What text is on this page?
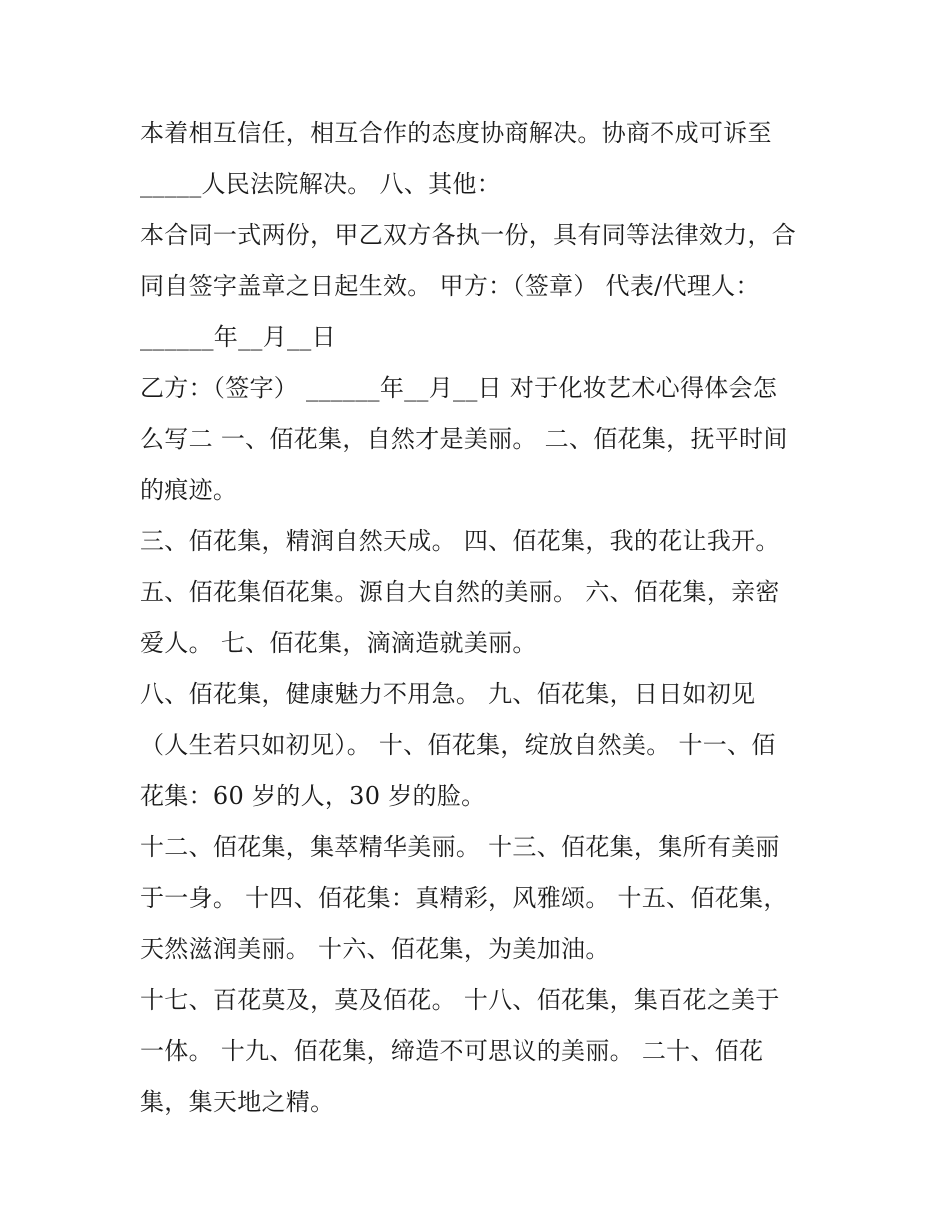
本着相互信任，相互合作的态度协商解决。协商不成可诉至
_____人民法院解决。 八、其他：
本合同一式两份，甲乙双方各执一份，具有同等法律效力，合
同自签字盖章之日起生效。 甲方：（签章） 代表/代理人：
______年__月__日
乙方：（签字） ______年__月__日 对于化妆艺术心得体会怎
么写二 一、佰花集，自然才是美丽。 二、佰花集，抚平时间
的痕迹。
三、佰花集，精润自然天成。 四、佰花集，我的花让我开。
五、佰花集佰花集。源自大自然的美丽。 六、佰花集，亲密
爱人。 七、佰花集，滴滴造就美丽。
八、佰花集，健康魅力不用急。 九、佰花集，日日如初见
（人生若只如初见）。 十、佰花集，绽放自然美。 十一、佰
花集：60 岁的人，30 岁的脸。
十二、佰花集，集萃精华美丽。 十三、佰花集，集所有美丽
于一身。 十四、佰花集：真精彩，风雅颂。 十五、佰花集，
天然滋润美丽。 十六、佰花集，为美加油。
十七、百花莫及，莫及佰花。 十八、佰花集，集百花之美于
一体。 十九、佰花集，缔造不可思议的美丽。 二十、佰花
集，集天地之精。
